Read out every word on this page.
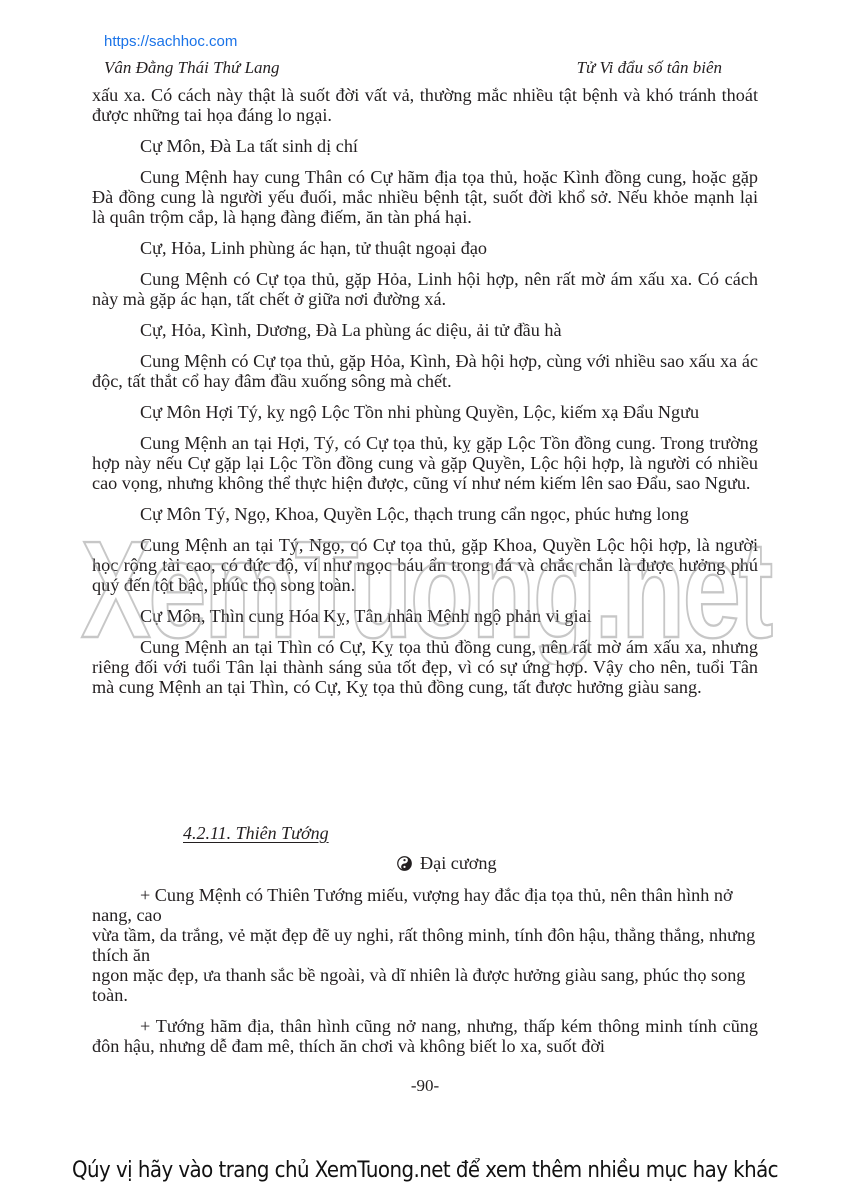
https://sachhoc.com
Vân Đằng Thái Thứ Lang	Tử Vi đẩu số tân biên

xấu xa. Có cách này thật là suốt đời vất vả, thường mắc nhiều tật bệnh và khó tránh thoát được những tai họa đáng lo ngại.

Cự Môn, Đà La tất sinh dị chí

Cung Mệnh hay cung Thân có Cự hãm địa tọa thủ, hoặc Kình đồng cung, hoặc gặp Đà đồng cung là người yếu đuối, mắc nhiều bệnh tật, suốt đời khổ sở. Nếu khỏe mạnh lại là quân trộm cắp, là hạng đàng điếm, ăn tàn phá hại.

Cự, Hỏa, Linh phùng ác hạn, tử thuật ngoại đạo

Cung Mệnh có Cự tọa thủ, gặp Hỏa, Linh hội hợp, nên rất mờ ám xấu xa. Có cách này mà gặp ác hạn, tất chết ở giữa nơi đường xá.

Cự, Hỏa, Kình, Dương, Đà La phùng ác diệu, ải tử đầu hà

Cung Mệnh có Cự tọa thủ, gặp Hỏa, Kình, Đà hội hợp, cùng với nhiều sao xấu xa ác độc, tất thắt cổ hay đâm đầu xuống sông mà chết.

Cự Môn Hợi Tý, kỵ ngộ Lộc Tồn nhi phùng Quyền, Lộc, kiếm xạ Đẩu Ngưu

Cung Mệnh an tại Hợi, Tý, có Cự tọa thủ, kỵ gặp Lộc Tồn đồng cung. Trong trường hợp này nếu Cự gặp lại Lộc Tồn đồng cung và gặp Quyền, Lộc hội hợp, là người có nhiều cao vọng, nhưng không thể thực hiện được, cũng ví như ném kiếm lên sao Đẩu, sao Ngưu.

Cự Môn Tý, Ngọ, Khoa, Quyền Lộc, thạch trung cẩn ngọc, phúc hưng long

Cung Mệnh an tại Tý, Ngọ, có Cự tọa thủ, gặp Khoa, Quyền Lộc hội hợp, là người học rộng tài cao, có đức độ, ví như ngọc báu ẩn trong đá và chắc chắn là được hưởng phú quý đến tột bậc, phúc thọ song toàn.

Cự Môn, Thìn cung Hóa Kỵ, Tân nhân Mệnh ngộ phản vi giai

Cung Mệnh an tại Thìn có Cự, Kỵ tọa thủ đồng cung, nên rất mờ ám xấu xa, nhưng riêng đối với tuổi Tân lại thành sáng sủa tốt đẹp, vì có sự ứng hợp. Vậy cho nên, tuổi Tân mà cung Mệnh an tại Thìn, có Cự, Kỵ tọa thủ đồng cung, tất được hưởng giàu sang.

XemTuong.net
4.2.11. Thiên Tướng
Đại cương

+ Cung Mệnh có Thiên Tướng miếu, vượng hay đắc địa tọa thủ, nên thân hình nở nang, cao

vừa tầm, da trắng, vẻ mặt đẹp đẽ uy nghi, rất thông minh, tính đôn hậu, thẳng thắng, nhưng thích ăn

ngon mặc đẹp, ưa thanh sắc bề ngoài, và dĩ nhiên là được hưởng giàu sang, phúc thọ song toàn.

+ Tướng hãm địa, thân hình cũng nở nang, nhưng, thấp kém thông minh tính cũng đôn hậu, nhưng dễ đam mê, thích ăn chơi và không biết lo xa, suốt đời

-90-
Qúy vị hãy vào trang chủ XemTuong.net để xem thêm nhiều mục hay khác
